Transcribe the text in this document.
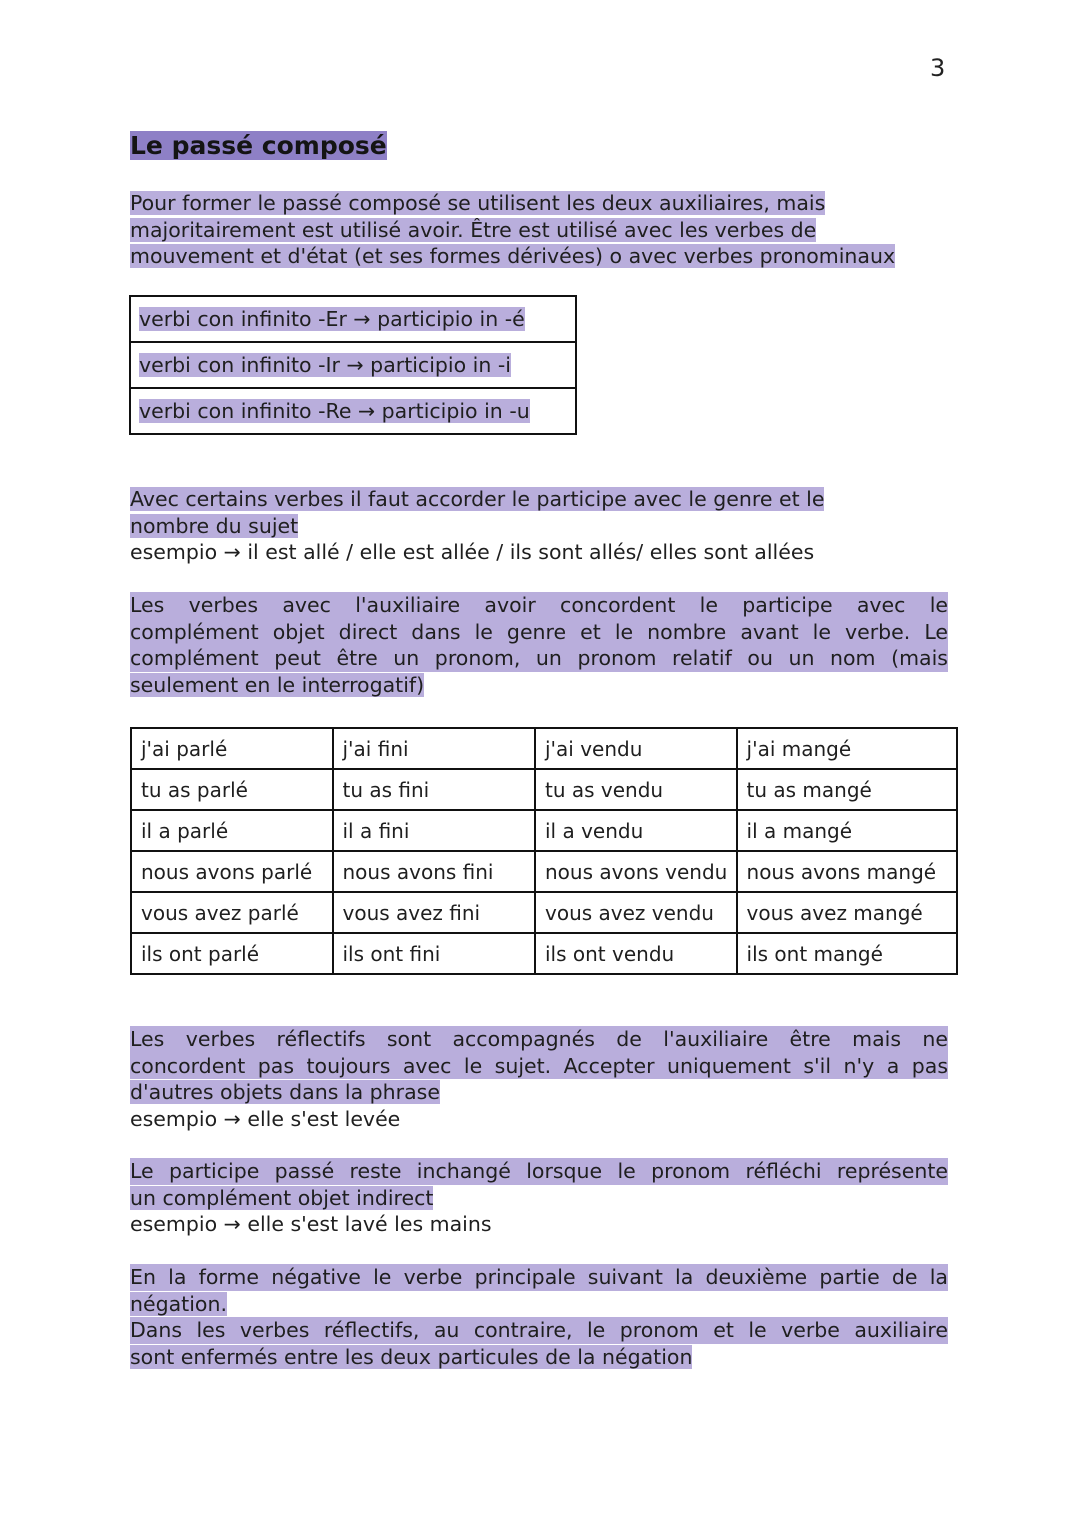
3
Le passé composé

Pour former le passé composé se utilisent les deux auxiliaires, mais

majoritairement est utilisé avoir. Être est utilisé avec les verbes de

mouvement et d'état (et ses formes dérivées) o avec verbes pronominaux

verbi con infinito -Er → participio in -é
verbi con infinito -Ir → participio in -i
verbi con infinito -Re → participio in -u

Avec certains verbes il faut accorder le participe avec le genre et le

nombre du sujet

esempio → il est allé / elle est allée / ils sont allés/ elles sont allées

Les verbes avec l'auxiliaire avoir concordent le participe avec le

complément objet direct dans le genre et le nombre avant le verbe. Le

complément peut être un pronom, un pronom relatif ou un nom (mais

seulement en le interrogatif)

j'ai parlé	j'ai fini	j'ai vendu	j'ai mangé
tu as parlé	tu as fini	tu as vendu	tu as mangé
il a parlé	il a fini	il a vendu	il a mangé
nous avons parlé	nous avons fini	nous avons vendu	nous avons mangé
vous avez parlé	vous avez fini	vous avez vendu	vous avez mangé
ils ont parlé	ils ont fini	ils ont vendu	ils ont mangé

Les verbes réflectifs sont accompagnés de l'auxiliaire être mais ne

concordent pas toujours avec le sujet. Accepter uniquement s'il n'y a pas

d'autres objets dans la phrase

esempio → elle s'est levée

Le participe passé reste inchangé lorsque le pronom réfléchi représente

un complément objet indirect

esempio → elle s'est lavé les mains

En la forme négative le verbe principale suivant la deuxième partie de la

négation.

Dans les verbes réflectifs, au contraire, le pronom et le verbe auxiliaire

sont enfermés entre les deux particules de la négation
